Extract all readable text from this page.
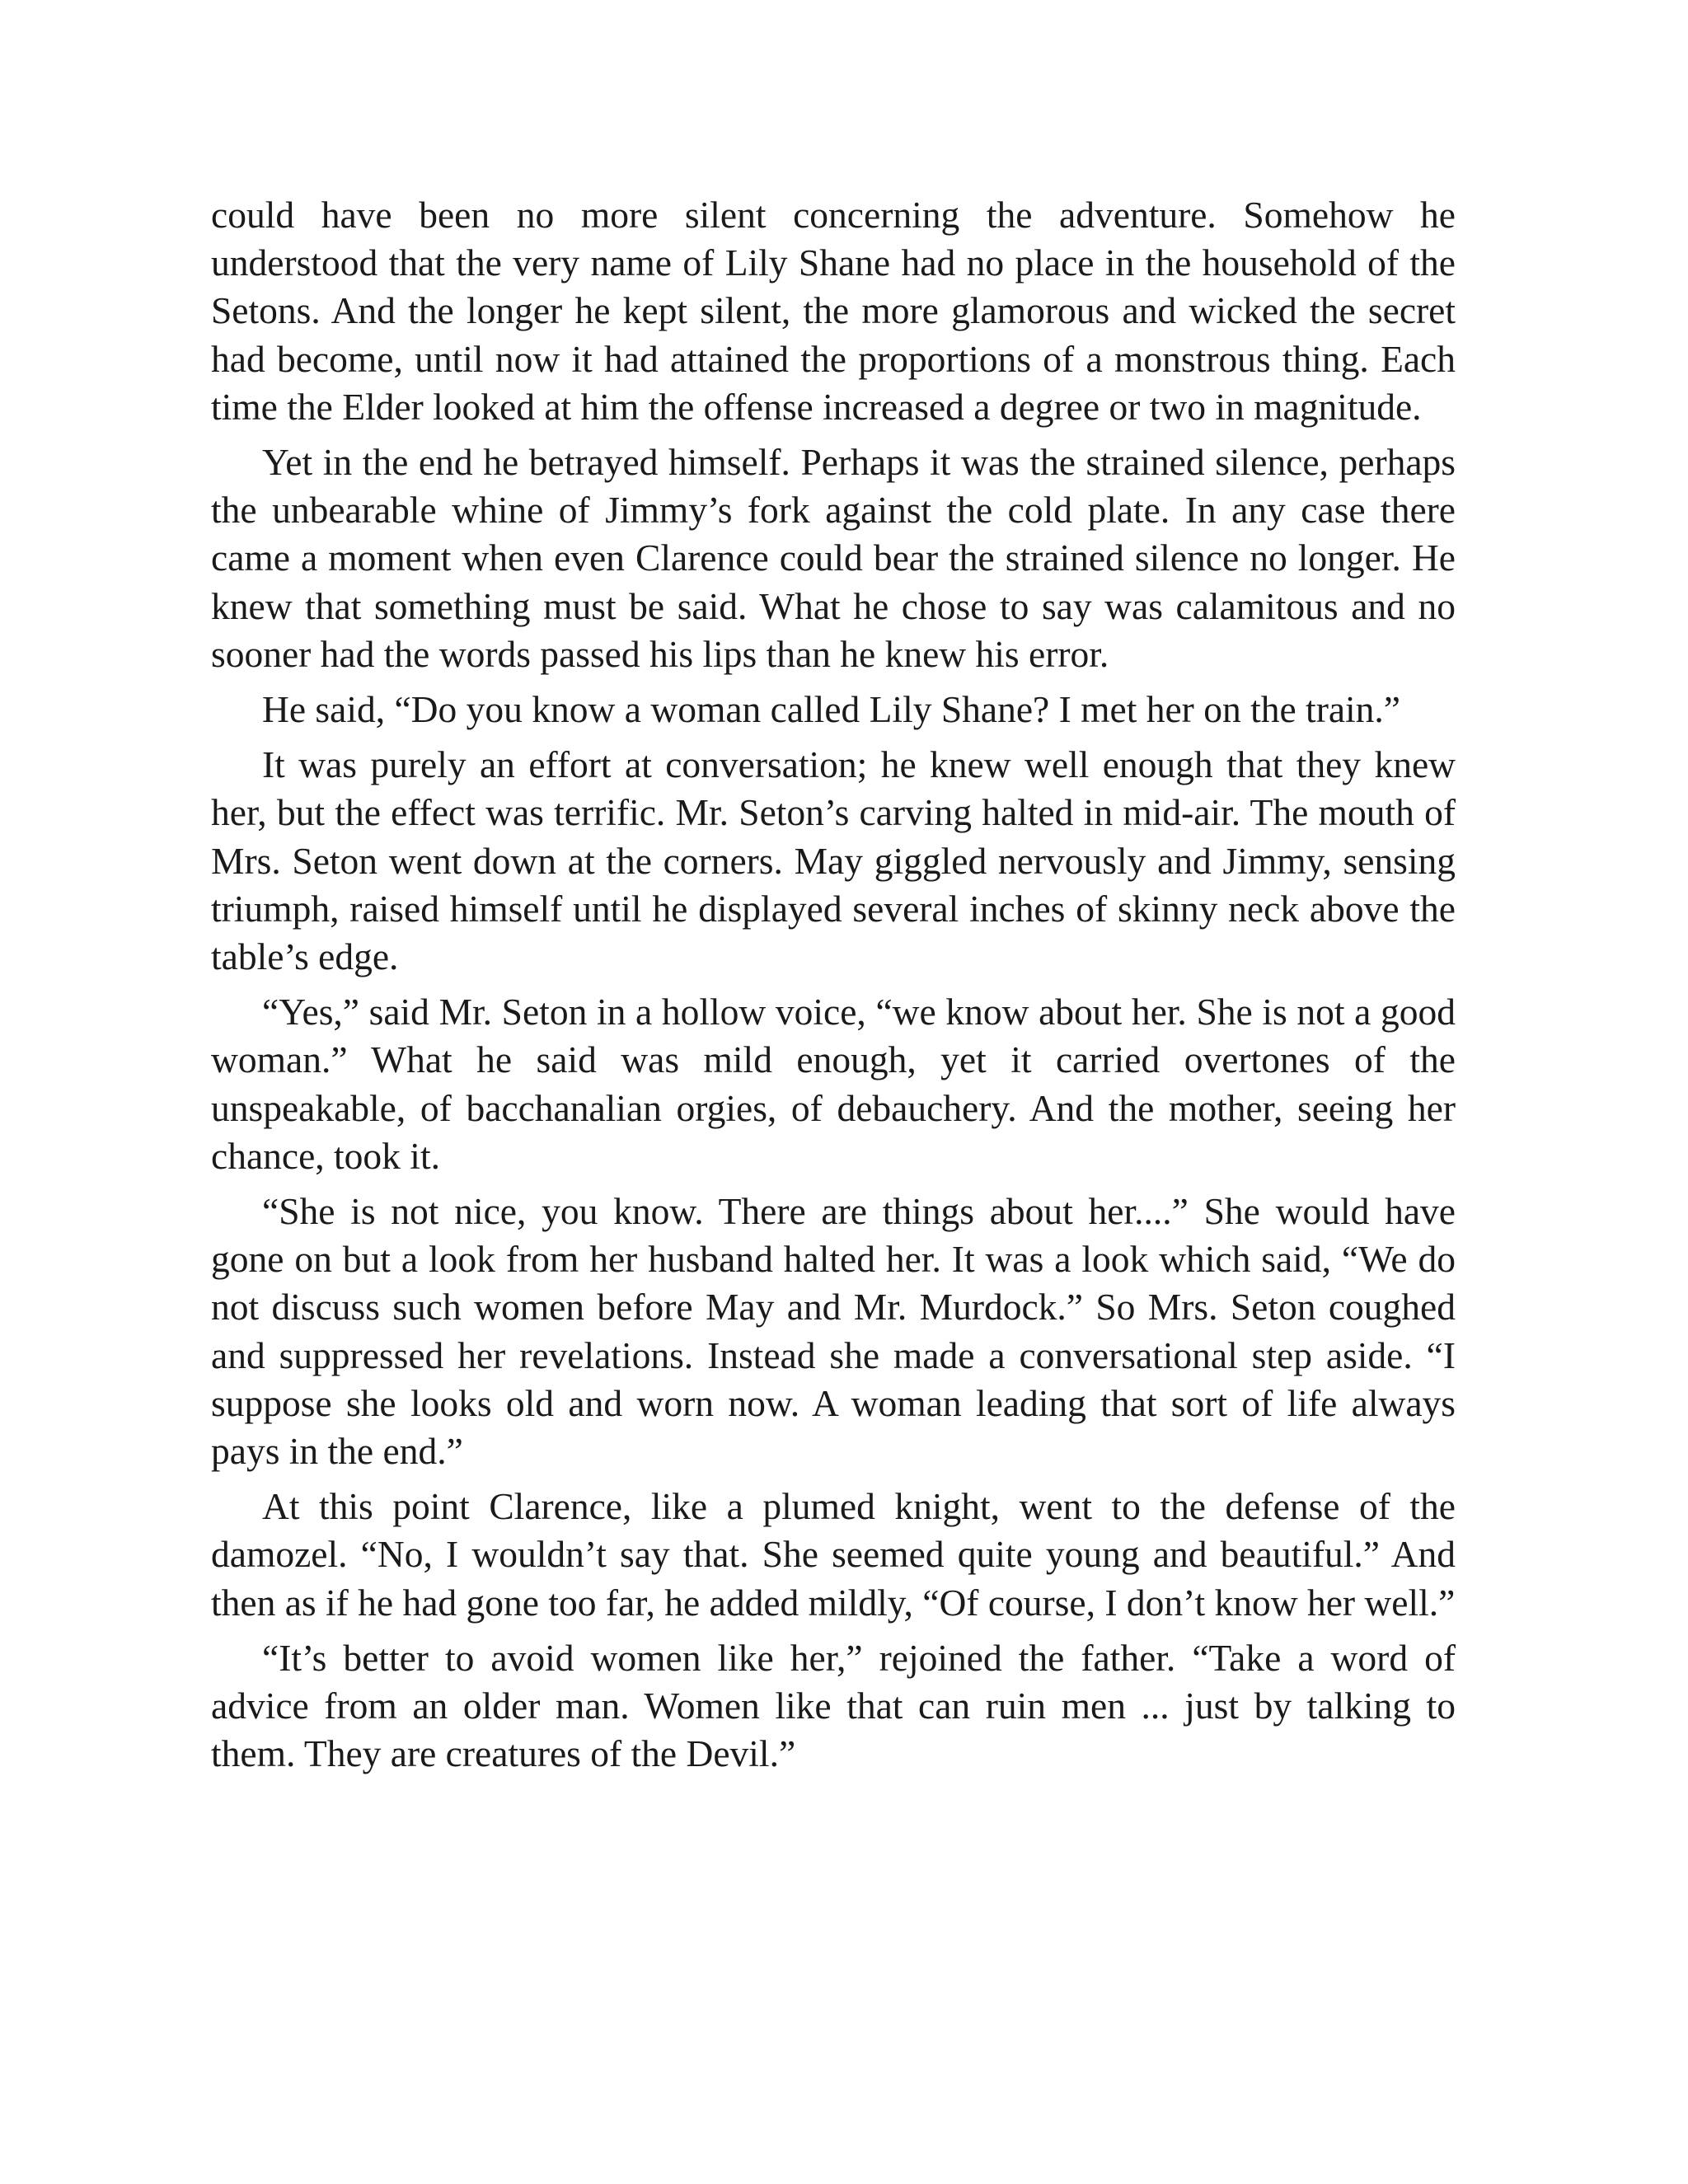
could have been no more silent concerning the adventure. Somehow he understood that the very name of Lily Shane had no place in the household of the Setons. And the longer he kept silent, the more glamorous and wicked the secret had become, until now it had attained the proportions of a monstrous thing. Each time the Elder looked at him the offense increased a degree or two in magnitude.

Yet in the end he betrayed himself. Perhaps it was the strained silence, perhaps the unbearable whine of Jimmy’s fork against the cold plate. In any case there came a moment when even Clarence could bear the strained silence no longer. He knew that something must be said. What he chose to say was calamitous and no sooner had the words passed his lips than he knew his error.

He said, “Do you know a woman called Lily Shane? I met her on the train.”

It was purely an effort at conversation; he knew well enough that they knew her, but the effect was terrific. Mr. Seton’s carving halted in mid-air. The mouth of Mrs. Seton went down at the corners. May giggled nervously and Jimmy, sensing triumph, raised himself until he displayed several inches of skinny neck above the table’s edge.

“Yes,” said Mr. Seton in a hollow voice, “we know about her. She is not a good woman.” What he said was mild enough, yet it carried overtones of the unspeakable, of bacchanalian orgies, of debauchery. And the mother, seeing her chance, took it.

“She is not nice, you know. There are things about her....” She would have gone on but a look from her husband halted her. It was a look which said, “We do not discuss such women before May and Mr. Murdock.” So Mrs. Seton coughed and suppressed her revelations. Instead she made a conversational step aside. “I suppose she looks old and worn now. A woman leading that sort of life always pays in the end.”

At this point Clarence, like a plumed knight, went to the defense of the damozel. “No, I wouldn’t say that. She seemed quite young and beautiful.” And then as if he had gone too far, he added mildly, “Of course, I don’t know her well.”

“It’s better to avoid women like her,” rejoined the father. “Take a word of advice from an older man. Women like that can ruin men ... just by talking to them. They are creatures of the Devil.”
